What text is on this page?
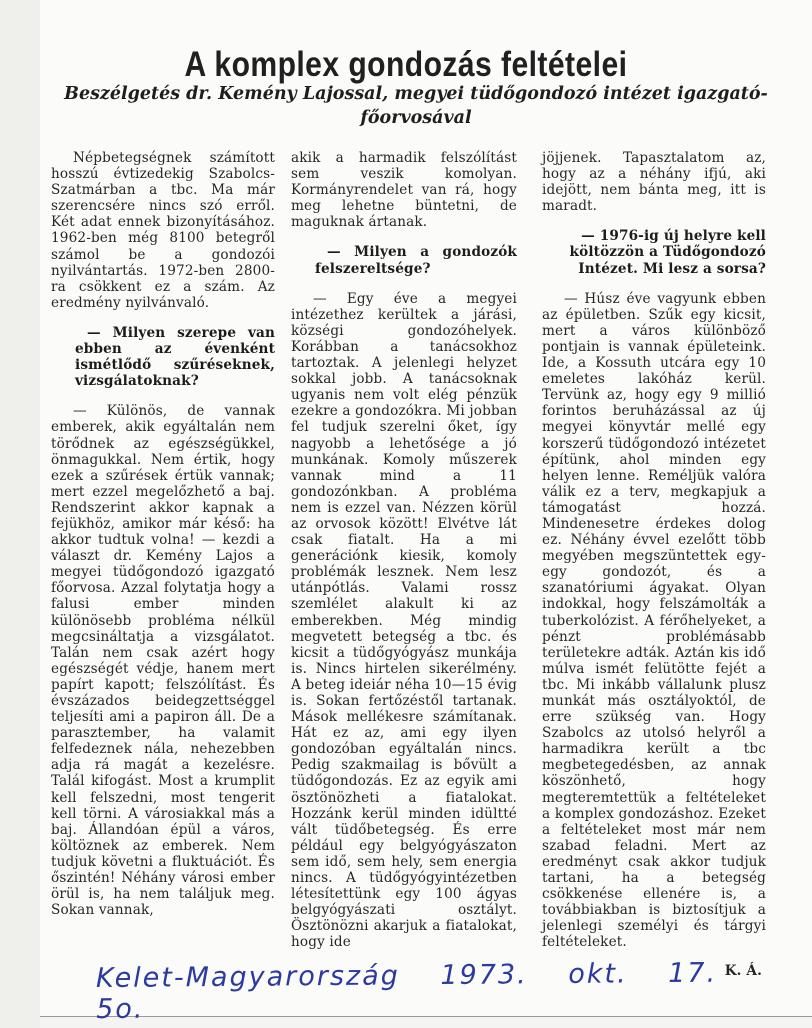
A komplex gondozás feltételei
Beszélgetés dr. Kemény Lajossal, megyei tüdőgondozó intézet igazgató-főorvosával

Népbetegségnek számított hosszú évtizedekig Szabolcs-Szatmárban a tbc. Ma már szerencsére nincs szó erről. Két adat ennek bizonyításához. 1962-ben még 8100 betegről számol be a gondozói nyilvántartás. 1972-ben 2800-ra csökkent ez a szám. Az eredmény nyilvánvaló.

— Milyen szerepe van ebben az évenként ismétlődő szűréseknek, vizsgálatoknak?

— Különös, de vannak emberek, akik egyáltalán nem törődnek az egészségükkel, önmagukkal. Nem értik, hogy ezek a szűrések értük vannak; mert ezzel megelőzhető a baj. Rendszerint akkor kapnak a fejükhöz, amikor már késő: ha akkor tudtuk volna! — kezdi a választ dr. Kemény Lajos a megyei tüdőgondozó igazgató főorvosa. Azzal folytatja hogy a falusi ember minden különösebb probléma nélkül megcsináltatja a vizsgálatot. Talán nem csak azért hogy egészségét védje, hanem mert papírt kapott; felszólítást. És évszázados beidegzettséggel teljesíti ami a papiron áll. De a parasztember, ha valamit felfedeznek nála, nehezebben adja rá magát a kezelésre. Talál kifogást. Most a krumplit kell felszedni, most tengerit kell törni. A városiakkal más a baj. Állandóan épül a város, költöznek az emberek. Nem tudjuk követni a fluktuációt. És őszintén! Néhány városi ember örül is, ha nem találjuk meg. Sokan vannak,

akik a harmadik felszólítást sem veszik komolyan. Kormányrendelet van rá, hogy meg lehetne büntetni, de maguknak ártanak.

— Milyen a gondozók felszereltsége?

— Egy éve a megyei intézethez kerültek a járási, községi gondozóhelyek. Korábban a tanácsokhoz tartoztak. A jelenlegi helyzet sokkal jobb. A tanácsoknak ugyanis nem volt elég pénzük ezekre a gondozókra. Mi jobban fel tudjuk szerelni őket, így nagyobb a lehetősége a jó munkának. Komoly műszerek vannak mind a 11 gondozónkban. A probléma nem is ezzel van. Nézzen körül az orvosok között! Elvétve lát csak fiatalt. Ha a mi generációnk kiesik, komoly problémák lesznek. Nem lesz utánpótlás. Valami rossz szemlélet alakult ki az emberekben. Még mindig megvetett betegség a tbc. és kicsit a tüdőgyógyász munkája is. Nincs hirtelen sikerélmény. A beteg ideiár néha 10—15 évig is. Sokan fertőzéstől tartanak. Mások mellékesre számítanak. Hát ez az, ami egy ilyen gondozóban egyáltalán nincs. Pedig szakmailag is bővült a tüdőgondozás. Ez az egyik ami ösztönözheti a fiatalokat. Hozzánk kerül minden idültté vált tüdőbetegség. És erre például egy belgyógyászaton sem idő, sem hely, sem energia nincs. A tüdőgyógyintézetben létesítettünk egy 100 ágyas belgyógyászati osztályt. Ösztönözni akarjuk a fiatalokat, hogy ide

jöjjenek. Tapasztalatom az, hogy az a néhány ifjú, aki idejött, nem bánta meg, itt is maradt.

— 1976-ig új helyre kell költözzön a Tüdőgondozó Intézet. Mi lesz a sorsa?

— Húsz éve vagyunk ebben az épületben. Szűk egy kicsit, mert a város különböző pontjain is vannak épületeink. Ide, a Kossuth utcára egy 10 emeletes lakóház kerül. Tervünk az, hogy egy 9 millió forintos beruházással az új megyei könyvtár mellé egy korszerű tüdőgondozó intézetet építünk, ahol minden egy helyen lenne. Reméljük valóra válik ez a terv, megkapjuk a támogatást hozzá. Mindenesetre érdekes dolog ez. Néhány évvel ezelőtt több megyében megszüntettek egy-egy gondozót, és a szanatóriumi ágyakat. Olyan indokkal, hogy felszámolták a tuberkolózist. A férőhelyeket, a pénzt problémásabb területekre adták. Aztán kis idő múlva ismét felütötte fejét a tbc. Mi inkább vállalunk plusz munkát más osztályoktól, de erre szükség van. Hogy Szabolcs az utolsó helyről a harmadikra került a tbc megbetegedésben, az annak köszönhető, hogy megteremtettük a feltételeket a komplex gondozáshoz. Ezeket a feltételeket most már nem szabad feladni. Mert az eredményt csak akkor tudjuk tartani, ha a betegség csökkenése ellenére is, a továbbiakban is biztosítjuk a jelenlegi személyi és tárgyi feltételeket.

K. Á.
Kelet-Magyarország 1973. okt. 17. 5o.
